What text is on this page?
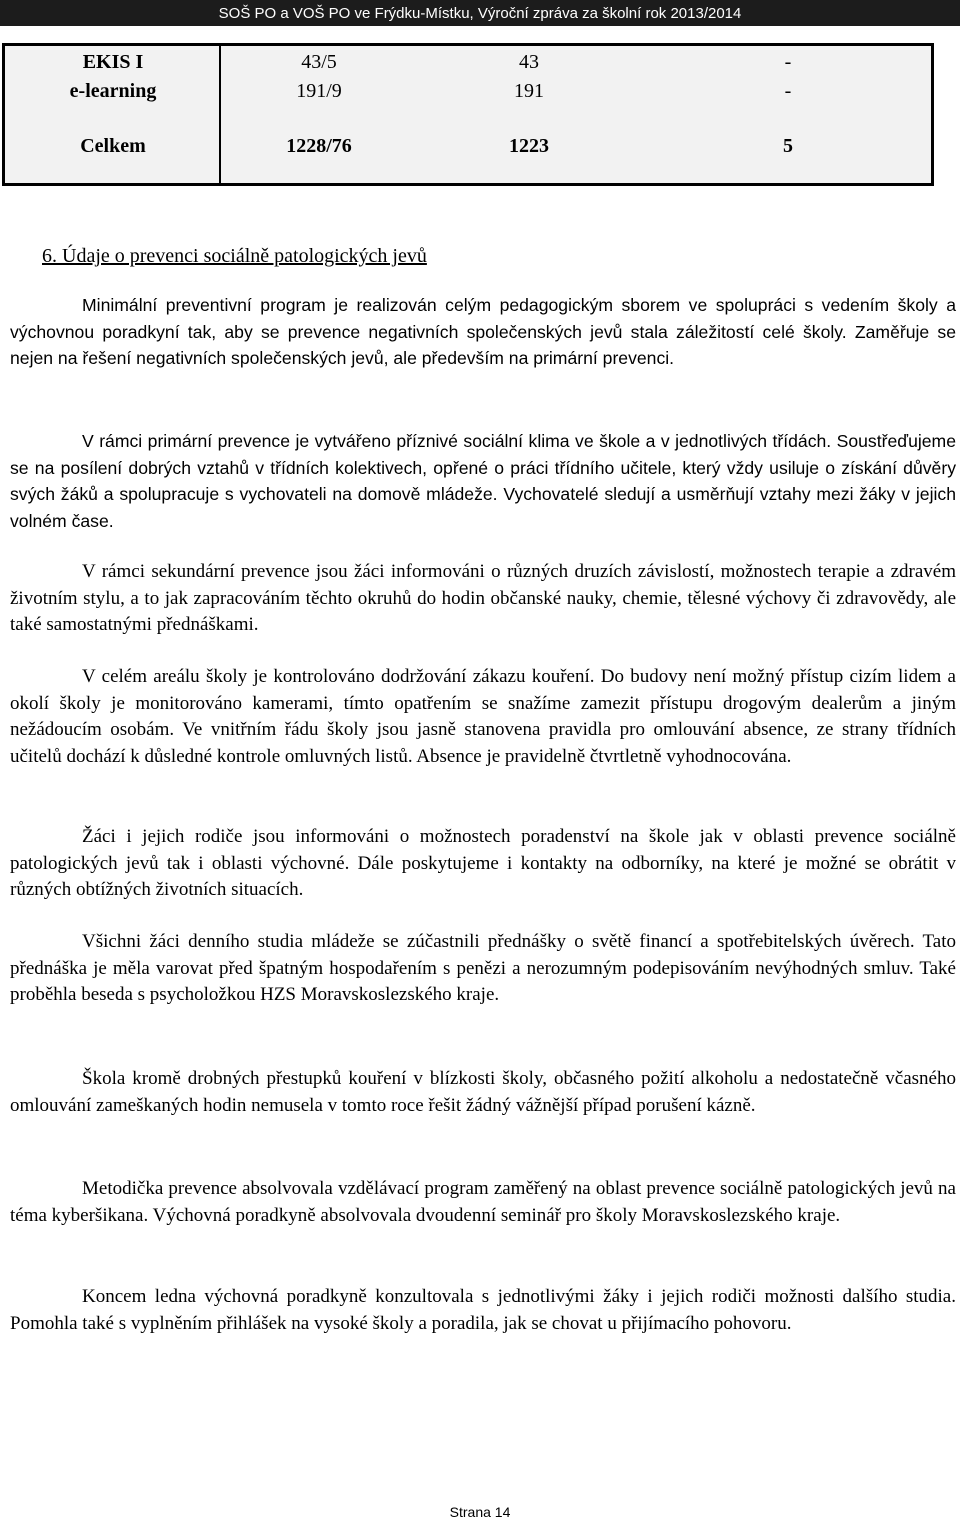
SOŠ PO a VOŠ PO ve Frýdku-Místku, Výroční zpráva za školní rok 2013/2014
EKIS I	43/5	43	-
e-learning	191/9	191	-
Celkem	1228/76	1223	5
6. Údaje o prevenci sociálně patologických jevů

Minimální preventivní program je realizován celým pedagogickým sborem ve spolupráci s vedením školy a výchovnou poradkyní tak, aby se prevence negativních společenských jevů stala záležitostí celé školy. Zaměřuje se nejen na řešení negativních společenských jevů, ale především na primární prevenci.

V rámci primární prevence je vytvářeno příznivé sociální klima ve škole a v jednotlivých třídách. Soustřeďujeme se na posílení dobrých vztahů v třídních kolektivech, opřené o práci třídního učitele, který vždy usiluje o získání důvěry svých žáků a spolupracuje s vychovateli na domově mládeže. Vychovatelé sledují a usměrňují vztahy mezi žáky v jejich volném čase.

V rámci sekundární prevence jsou žáci informováni o různých druzích závislostí, možnostech terapie a zdravém životním stylu, a to jak zapracováním těchto okruhů do hodin občanské nauky, chemie, tělesné výchovy či zdravovědy, ale také samostatnými přednáškami.

V celém areálu školy je kontrolováno dodržování zákazu kouření. Do budovy není možný přístup cizím lidem a okolí školy je monitorováno kamerami, tímto opatřením se snažíme zamezit přístupu drogovým dealerům a jiným nežádoucím osobám. Ve vnitřním řádu školy jsou jasně stanovena pravidla pro omlouvání absence, ze strany třídních učitelů dochází k důsledné kontrole omluvných listů. Absence je pravidelně čtvrtletně vyhodnocována.

Žáci i jejich rodiče jsou informováni o možnostech poradenství na škole jak v oblasti prevence sociálně patologických jevů tak i oblasti výchovné. Dále poskytujeme i kontakty na odborníky, na které je možné se obrátit v různých obtížných životních situacích.

Všichni žáci denního studia mládeže se zúčastnili přednášky o světě financí a spotřebitelských úvěrech. Tato přednáška je měla varovat před špatným hospodařením s penězi a nerozumným podepisováním nevýhodných smluv. Také proběhla beseda s psycholožkou HZS Moravskoslezského kraje.

Škola kromě drobných přestupků kouření v blízkosti školy, občasného požití alkoholu a nedostatečně včasného omlouvání zameškaných hodin nemusela v tomto roce řešit žádný vážnější případ porušení kázně.

Metodička prevence absolvovala vzdělávací program zaměřený na oblast prevence sociálně patologických jevů na téma kyberšikana. Výchovná poradkyně absolvovala dvoudenní seminář pro školy Moravskoslezského kraje.

Koncem ledna výchovná poradkyně konzultovala s jednotlivými žáky i jejich rodiči možnosti dalšího studia. Pomohla také s vyplněním přihlášek na vysoké školy a poradila, jak se chovat u přijímacího pohovoru.

Strana 14
